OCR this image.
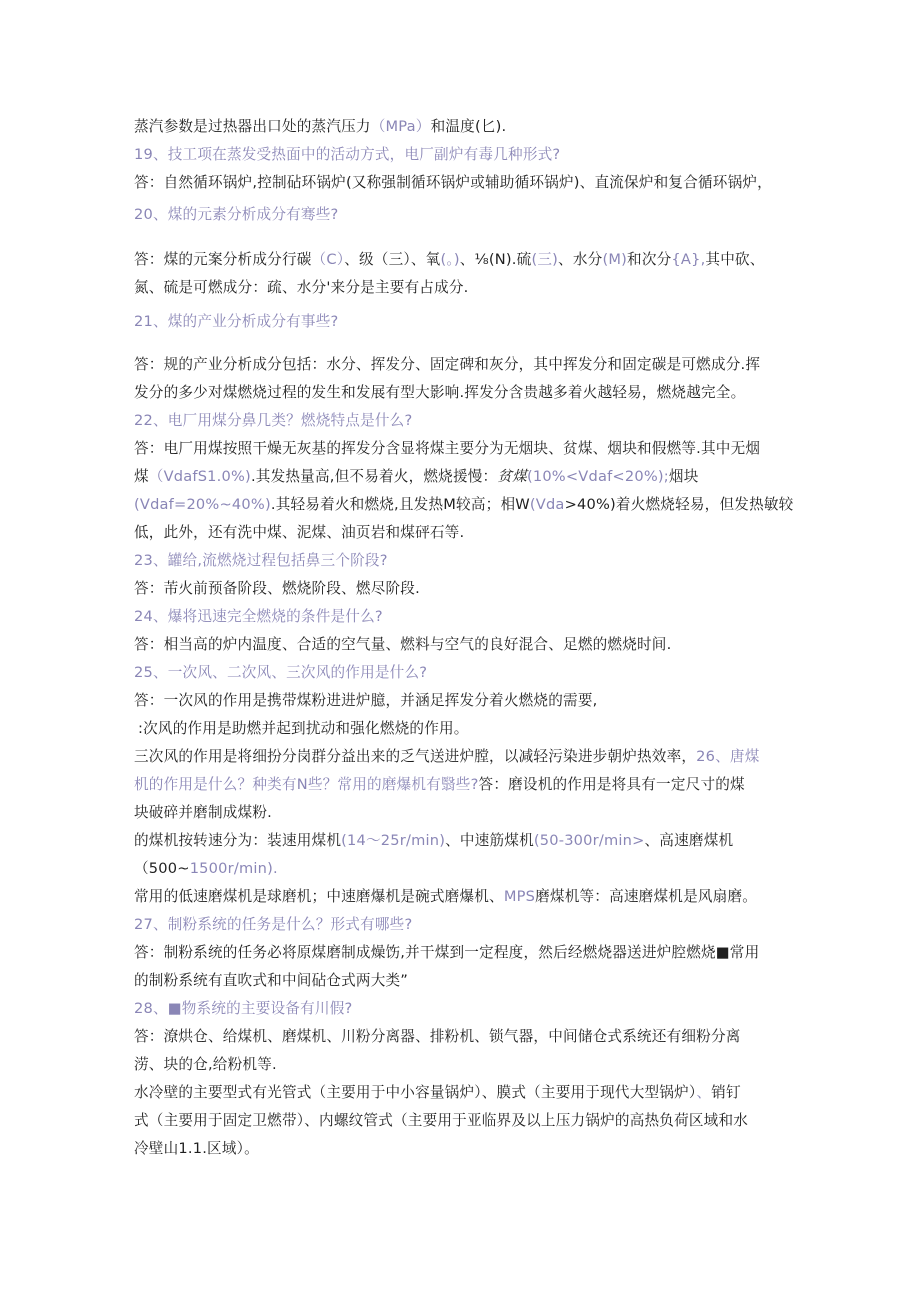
蒸汽参数是过热器出口处的蒸汽压力（MPa）和温度(匕).
19、技工项在蒸发受热面中的活动方式，电厂副炉有毒几种形式?
答：自然循环锅炉,控制砧环锅炉(又称强制循环锅炉或辅助循环锅炉)、直流保炉和复合循环锅炉，
20、煤的元素分析成分有骞些?
答：煤的元案分析成分行碳（C）、级（三）、氧(。)、⅛(N).硫(三)、水分(M)和次分{A},其中砍、
氮、硫是可燃成分：疏、水分'来分是主要有占成分.
21、煤的产业分析成分有事些?
答：规的产业分析成分包括：水分、挥发分、固定碑和灰分，其中挥发分和固定碳是可燃成分.挥
发分的多少对煤燃烧过程的发生和发展有型大影响.挥发分含贵越多着火越轻易，燃烧越完全。
22、电厂用煤分鼻几类？燃烧特点是什么?
答：电厂用煤按照干燥无灰基的挥发分含显将煤主要分为无烟块、贫煤、烟块和假燃等.其中无烟
煤（VdafS1.0%).其发热量高,但不易着火，燃烧援慢：贫煤(10%<Vdaf<20%);烟块
(Vdaf=20%~40%).其轻易着火和燃烧,且发热M较高；相W(Vda>40%)着火燃烧轻易，但发热敏较
低，此外，还有洗中煤、泥煤、油页岩和煤砰石等.
23、罐给,流燃烧过程包括鼻三个阶段?
答：芾火前预备阶段、燃烧阶段、燃尽阶段.
24、爆将迅速完全燃烧的条件是什么?
答：相当高的炉内温度、合适的空气量、燃料与空气的良好混合、足燃的燃烧时间.
25、一次风、二次风、三次风的作用是什么?
答：一次风的作用是携带煤粉进进炉臆，并涵足挥发分着火燃烧的需要,
:次风的作用是助燃并起到扰动和强化燃烧的作用。
三次风的作用是将细扮分岗群分益出来的乏气送进炉膛，以减轻污染进步朝炉热效率，26、唐煤
机的作用是什么？种类有N些？常用的磨爆机有翳些?答：磨设机的作用是将具有一定尺寸的煤
块破碎并磨制成煤粉.
的煤机按转速分为：装速用煤机(14～25r∕min)、中速筋煤机(50-300r∕min>、高速磨煤机
（500~1500r∕min).
常用的低速磨煤机是球磨机；中速磨爆机是碗式磨爆机、MPS磨煤机等：高速磨煤机是风扇磨。
27、制粉系统的任务是什么？形式有哪些?
答：制粉系统的任务必将原煤磨制成燥饬,并干煤到一定程度，然后经燃烧器送进炉腔燃烧■常用
的制粉系统有直吹式和中间砧仓式两大类”
28、■物系统的主要设备有川假?
答：潦烘仓、给煤机、磨煤机、川粉分离器、排粉机、锁气器，中间储仓式系统还有细粉分离
涝、块的仓,给粉机等.
水冷壁的主要型式有光管式（主要用于中小容量锅炉）、膜式（主要用于现代大型锅炉）、销钉
式（主要用于固定卫燃带）、内螺纹管式（主要用于亚临界及以上压力锅炉的高热负荷区域和水
冷壁山1.1.区域）。
